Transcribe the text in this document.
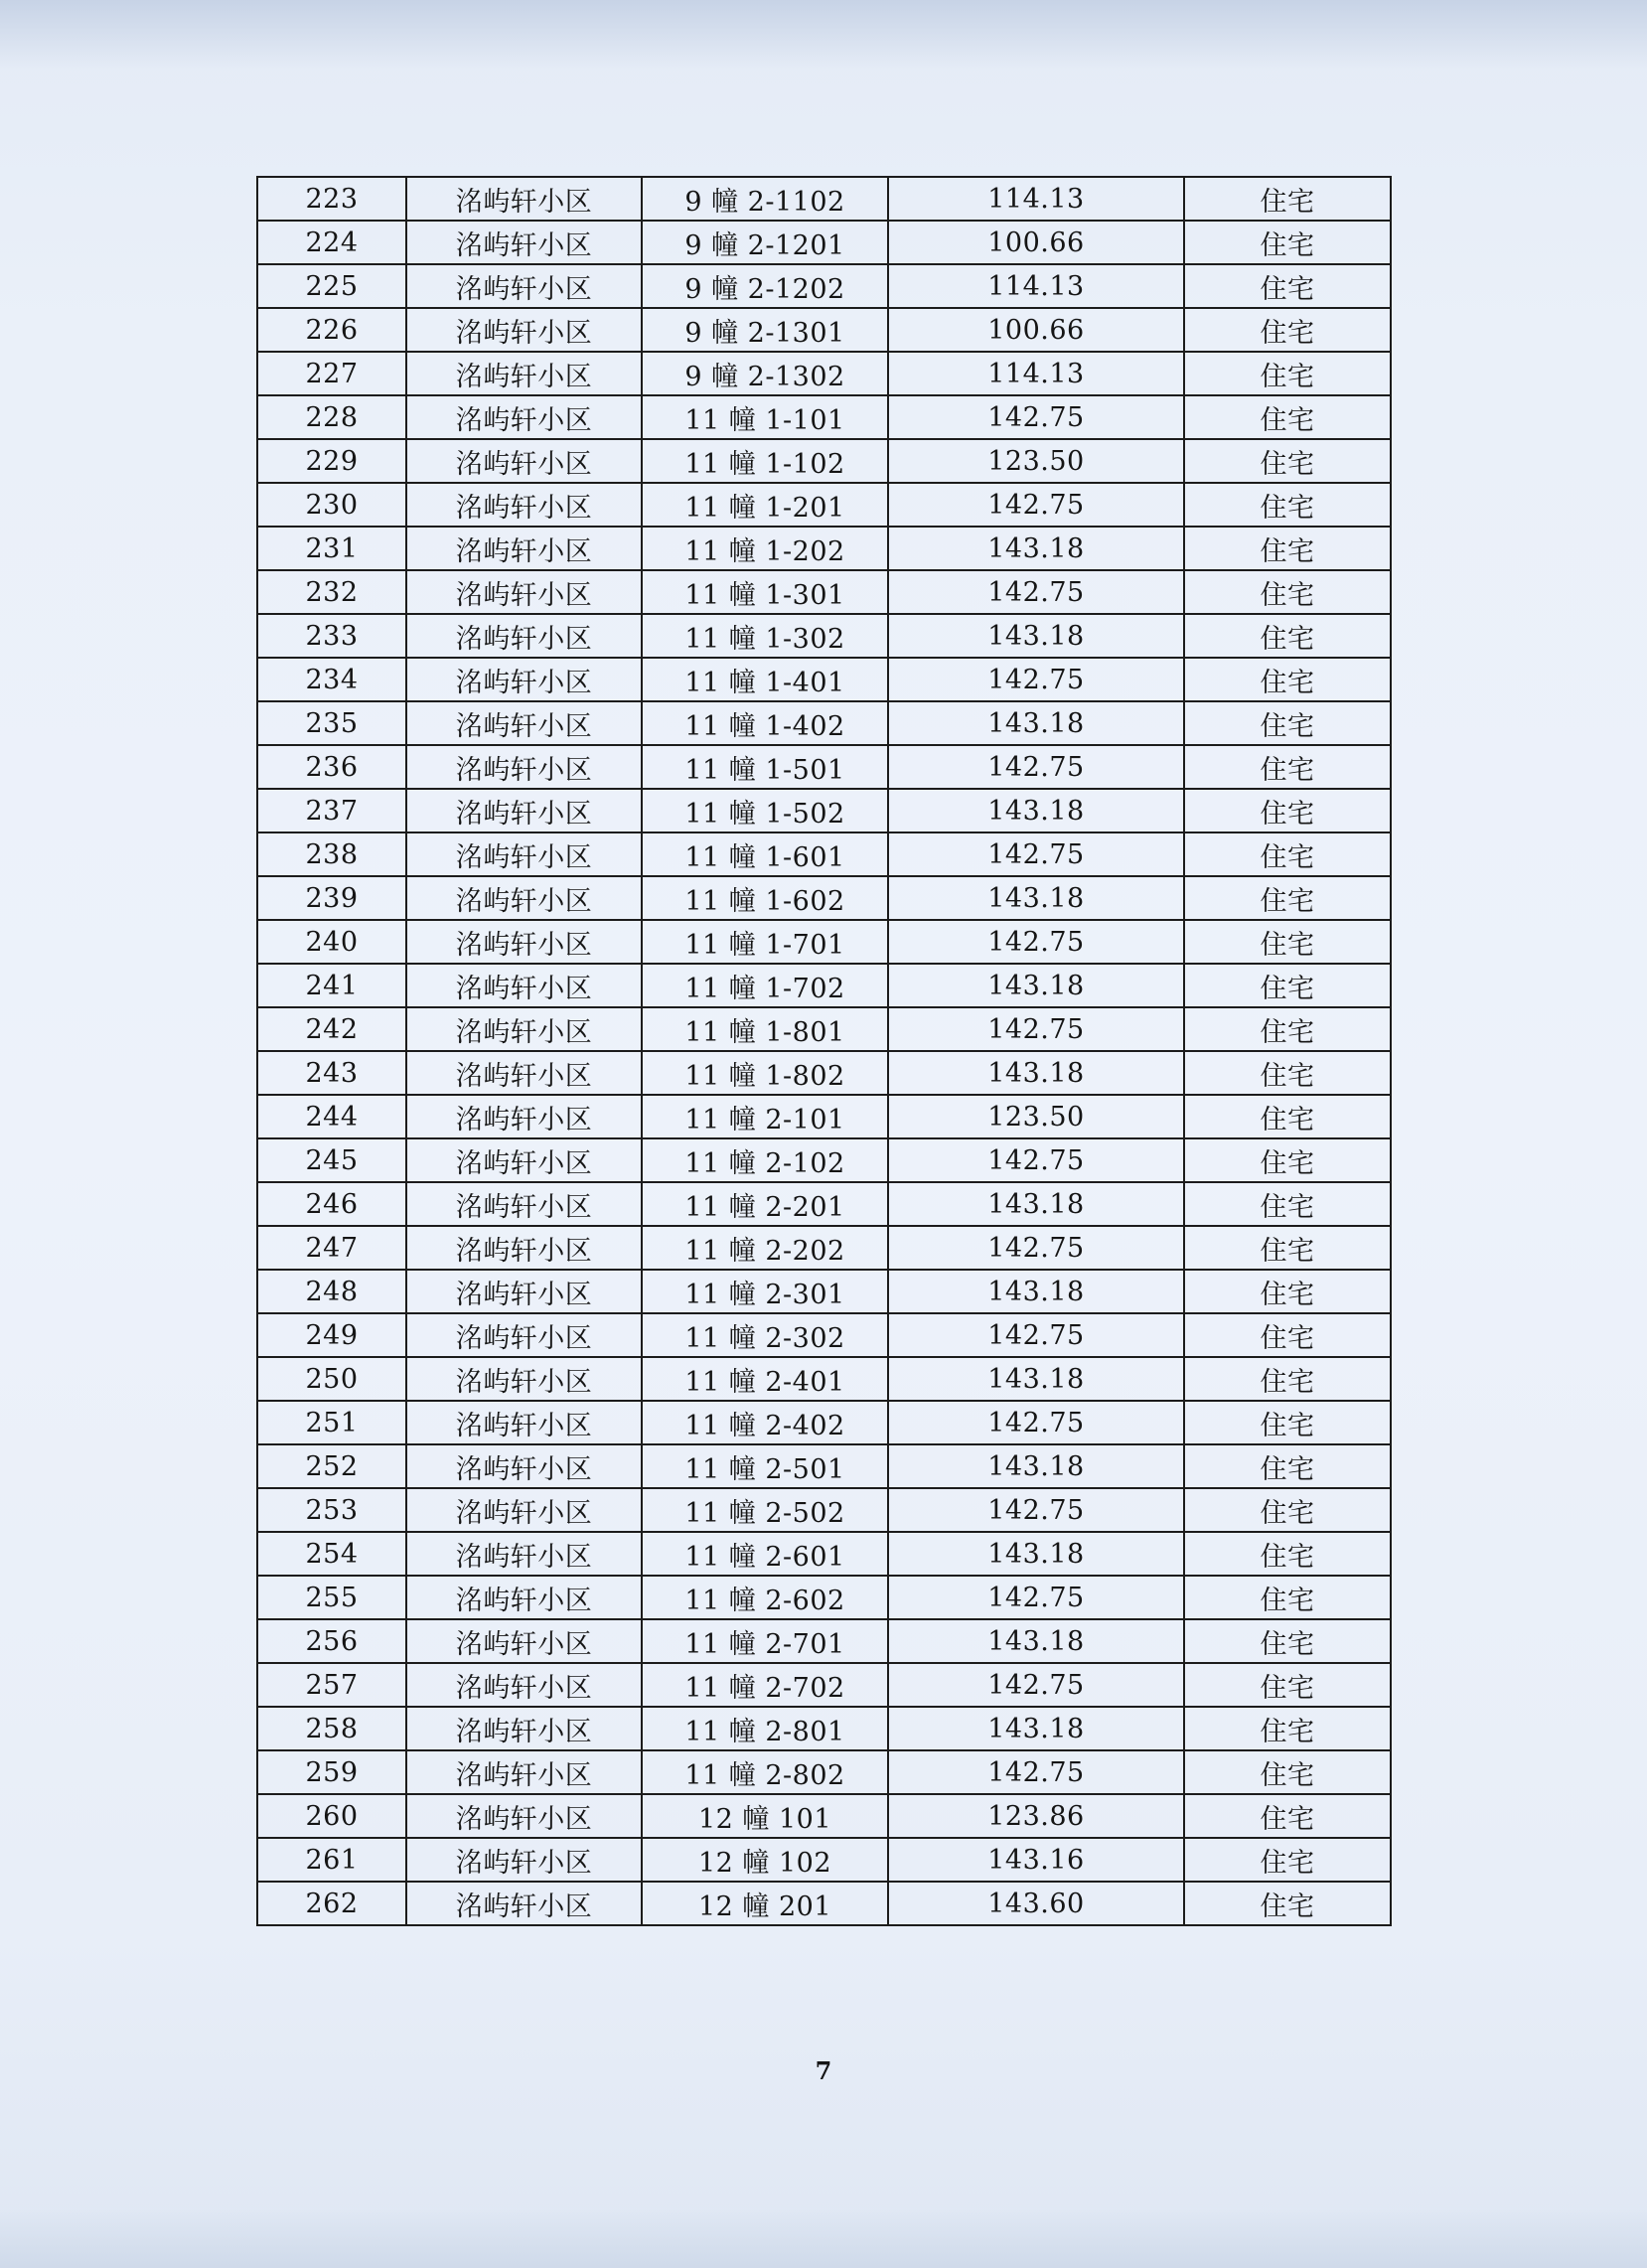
223	洺屿轩小区	9 幢 2-1102	114.13	住宅
224	洺屿轩小区	9 幢 2-1201	100.66	住宅
225	洺屿轩小区	9 幢 2-1202	114.13	住宅
226	洺屿轩小区	9 幢 2-1301	100.66	住宅
227	洺屿轩小区	9 幢 2-1302	114.13	住宅
228	洺屿轩小区	11 幢 1-101	142.75	住宅
229	洺屿轩小区	11 幢 1-102	123.50	住宅
230	洺屿轩小区	11 幢 1-201	142.75	住宅
231	洺屿轩小区	11 幢 1-202	143.18	住宅
232	洺屿轩小区	11 幢 1-301	142.75	住宅
233	洺屿轩小区	11 幢 1-302	143.18	住宅
234	洺屿轩小区	11 幢 1-401	142.75	住宅
235	洺屿轩小区	11 幢 1-402	143.18	住宅
236	洺屿轩小区	11 幢 1-501	142.75	住宅
237	洺屿轩小区	11 幢 1-502	143.18	住宅
238	洺屿轩小区	11 幢 1-601	142.75	住宅
239	洺屿轩小区	11 幢 1-602	143.18	住宅
240	洺屿轩小区	11 幢 1-701	142.75	住宅
241	洺屿轩小区	11 幢 1-702	143.18	住宅
242	洺屿轩小区	11 幢 1-801	142.75	住宅
243	洺屿轩小区	11 幢 1-802	143.18	住宅
244	洺屿轩小区	11 幢 2-101	123.50	住宅
245	洺屿轩小区	11 幢 2-102	142.75	住宅
246	洺屿轩小区	11 幢 2-201	143.18	住宅
247	洺屿轩小区	11 幢 2-202	142.75	住宅
248	洺屿轩小区	11 幢 2-301	143.18	住宅
249	洺屿轩小区	11 幢 2-302	142.75	住宅
250	洺屿轩小区	11 幢 2-401	143.18	住宅
251	洺屿轩小区	11 幢 2-402	142.75	住宅
252	洺屿轩小区	11 幢 2-501	143.18	住宅
253	洺屿轩小区	11 幢 2-502	142.75	住宅
254	洺屿轩小区	11 幢 2-601	143.18	住宅
255	洺屿轩小区	11 幢 2-602	142.75	住宅
256	洺屿轩小区	11 幢 2-701	143.18	住宅
257	洺屿轩小区	11 幢 2-702	142.75	住宅
258	洺屿轩小区	11 幢 2-801	143.18	住宅
259	洺屿轩小区	11 幢 2-802	142.75	住宅
260	洺屿轩小区	12 幢 101	123.86	住宅
261	洺屿轩小区	12 幢 102	143.16	住宅
262	洺屿轩小区	12 幢 201	143.60	住宅
7
